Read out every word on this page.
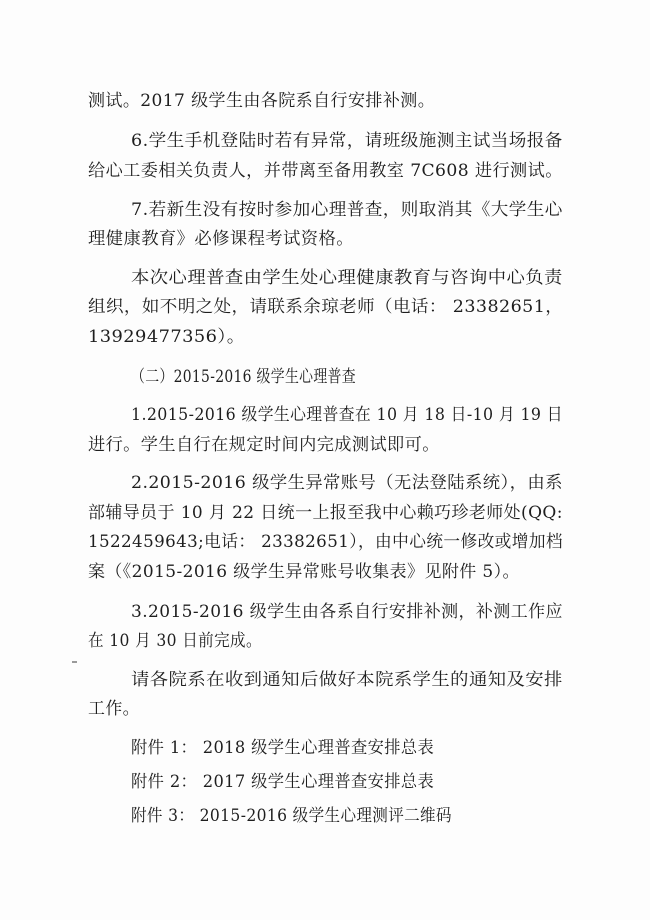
测试。2017 级学生由各院系自行安排补测。
6.学生手机登陆时若有异常，请班级施测主试当场报备
给心工委相关负责人，并带离至备用教室 7C608 进行测试。
7.若新生没有按时参加心理普查，则取消其《大学生心
理健康教育》必修课程考试资格。
本次心理普查由学生处心理健康教育与咨询中心负责
组织，如不明之处，请联系余琼老师（电话： 23382651，
13929477356）。
（二）2015-2016 级学生心理普查
1.2015-2016 级学生心理普查在 10 月 18 日-10 月 19 日
进行。学生自行在规定时间内完成测试即可。
2.2015-2016 级学生异常账号（无法登陆系统），由系
部辅导员于 10 月 22 日统一上报至我中心赖巧珍老师处(QQ:
1522459643;电话： 23382651），由中心统一修改或增加档
案（《2015-2016 级学生异常账号收集表》见附件 5）。
3.2015-2016 级学生由各系自行安排补测，补测工作应
在 10 月 30 日前完成。
请各院系在收到通知后做好本院系学生的通知及安排
工作。
附件 1： 2018 级学生心理普查安排总表
附件 2： 2017 级学生心理普查安排总表
附件 3： 2015-2016 级学生心理测评二维码
